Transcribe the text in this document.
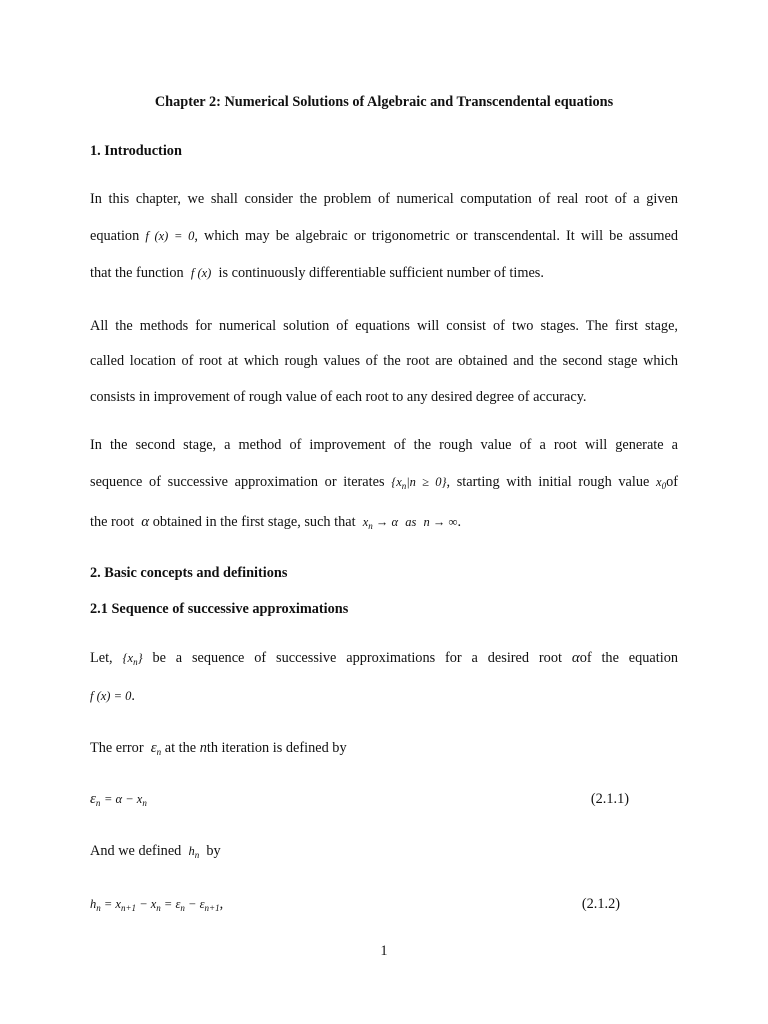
Chapter 2: Numerical Solutions of Algebraic and Transcendental equations
1. Introduction
In this chapter, we shall consider the problem of numerical computation of real root of a given
equation f (x) = 0, which may be algebraic or trigonometric or transcendental. It will be assumed
that the function f (x) is continuously differentiable sufficient number of times.
All the methods for numerical solution of equations will consist of two stages. The first stage,
called location of root at which rough values of the root are obtained and the second stage which
consists in improvement of rough value of each root to any desired degree of accuracy.
In the second stage, a method of improvement of the rough value of a root will generate a
sequence of successive approximation or iterates $\{x_n|n \ge 0\}$, starting with initial rough value $x_0of$
the root α obtained in the first stage, such that $x_n \to \alpha$ as n → ∞.
2. Basic concepts and definitions
2.1 Sequence of successive approximations
Let, $\{x_n\}$ be a sequence of successive approximations for a desired root αof the equation
f (x) = 0.
The error $\varepsilon_n$ at the nth iteration is defined by
$\varepsilon_n = \alpha - x_n$	(2.1.1)
And we defined $h_n$ by
$h_n = x_{n+1} - x_n = \varepsilon_n - \varepsilon_{n+1}$,	(2.1.2)
1
